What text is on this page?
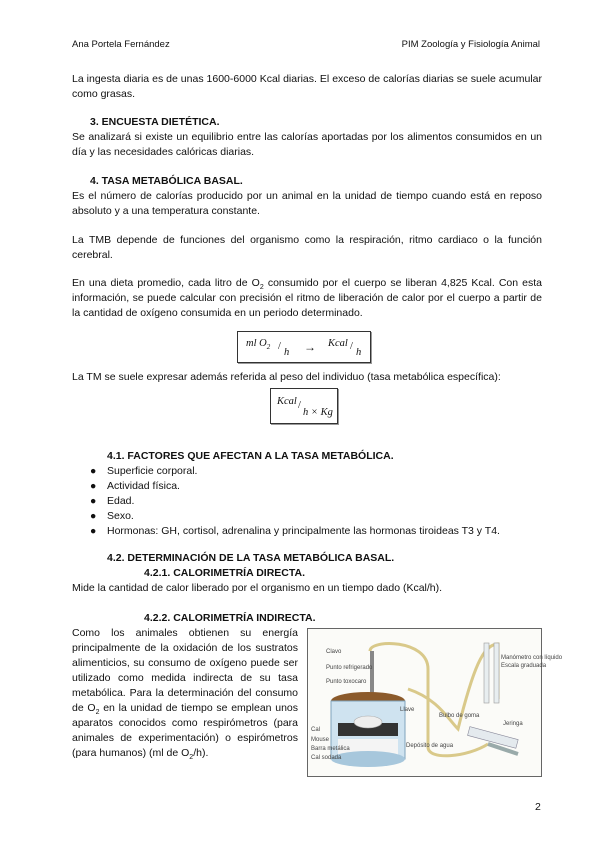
Ana Portela Fernández	PIM Zoología y Fisiología Animal

La ingesta diaria es de unas 1600-6000 Kcal diarias. El exceso de calorías diarias se suele acumular como grasas.

3. ENCUESTA DIETÉTICA.

Se analizará si existe un equilibrio entre las calorías aportadas por los alimentos consumidos en un día y las necesidades calóricas diarias.

4. TASA METABÓLICA BASAL.

Es el número de calorías producido por un animal en la unidad de tiempo cuando está en reposo absoluto y a una temperatura constante.

La TMB depende de funciones del organismo como la respiración, ritmo cardiaco o la función cerebral.

En una dieta promedio, cada litro de $O_2$ consumido por el cuerpo se liberan 4,825 Kcal. Con esta información, se puede calcular con precisión el ritmo de liberación de calor por el cuerpo a partir de la cantidad de oxígeno consumida en un periodo determinado.

ml $O_2$ /
h → Kcal /
h

La TM se suele expresar además referida al peso del individuo (tasa metabólica específica):

Kcal /
h × Kg
4.1. FACTORES QUE AFECTAN A LA TASA METABÓLICA.
● Superficie corporal.
● Actividad física.
● Edad.
● Sexo.
● Hormonas: GH, cortisol, adrenalina y principalmente las hormonas tiroideas T3 y T4.
4.2. DETERMINACIÓN DE LA TASA METABÓLICA BASAL.
4.2.1. CALORIMETRÍA DIRECTA.

Mide la cantidad de calor liberado por el organismo en un tiempo dado (Kcal/h).

4.2.2. CALORIMETRÍA INDIRECTA.

Como los animales obtienen su energía principalmente de la oxidación de los sustratos alimenticios, su consumo de oxígeno puede ser utilizado como medida indirecta de su tasa metabólica. Para la determinación del consumo de $O_2$ en la unidad de tiempo se emplean unos aparatos conocidos como respirómetros (para animales de experimentación) o espirómetros (para humanos) (ml de $O_2/h$).

Clavo
Punto refrigerado
Punto toxocaro
Cal
Mouse
Barra metálica
Cal sodada
Llave
Depósito de agua
Manómetro con líquido
Bulbo de goma
Jeringa
Escala graduada
2
